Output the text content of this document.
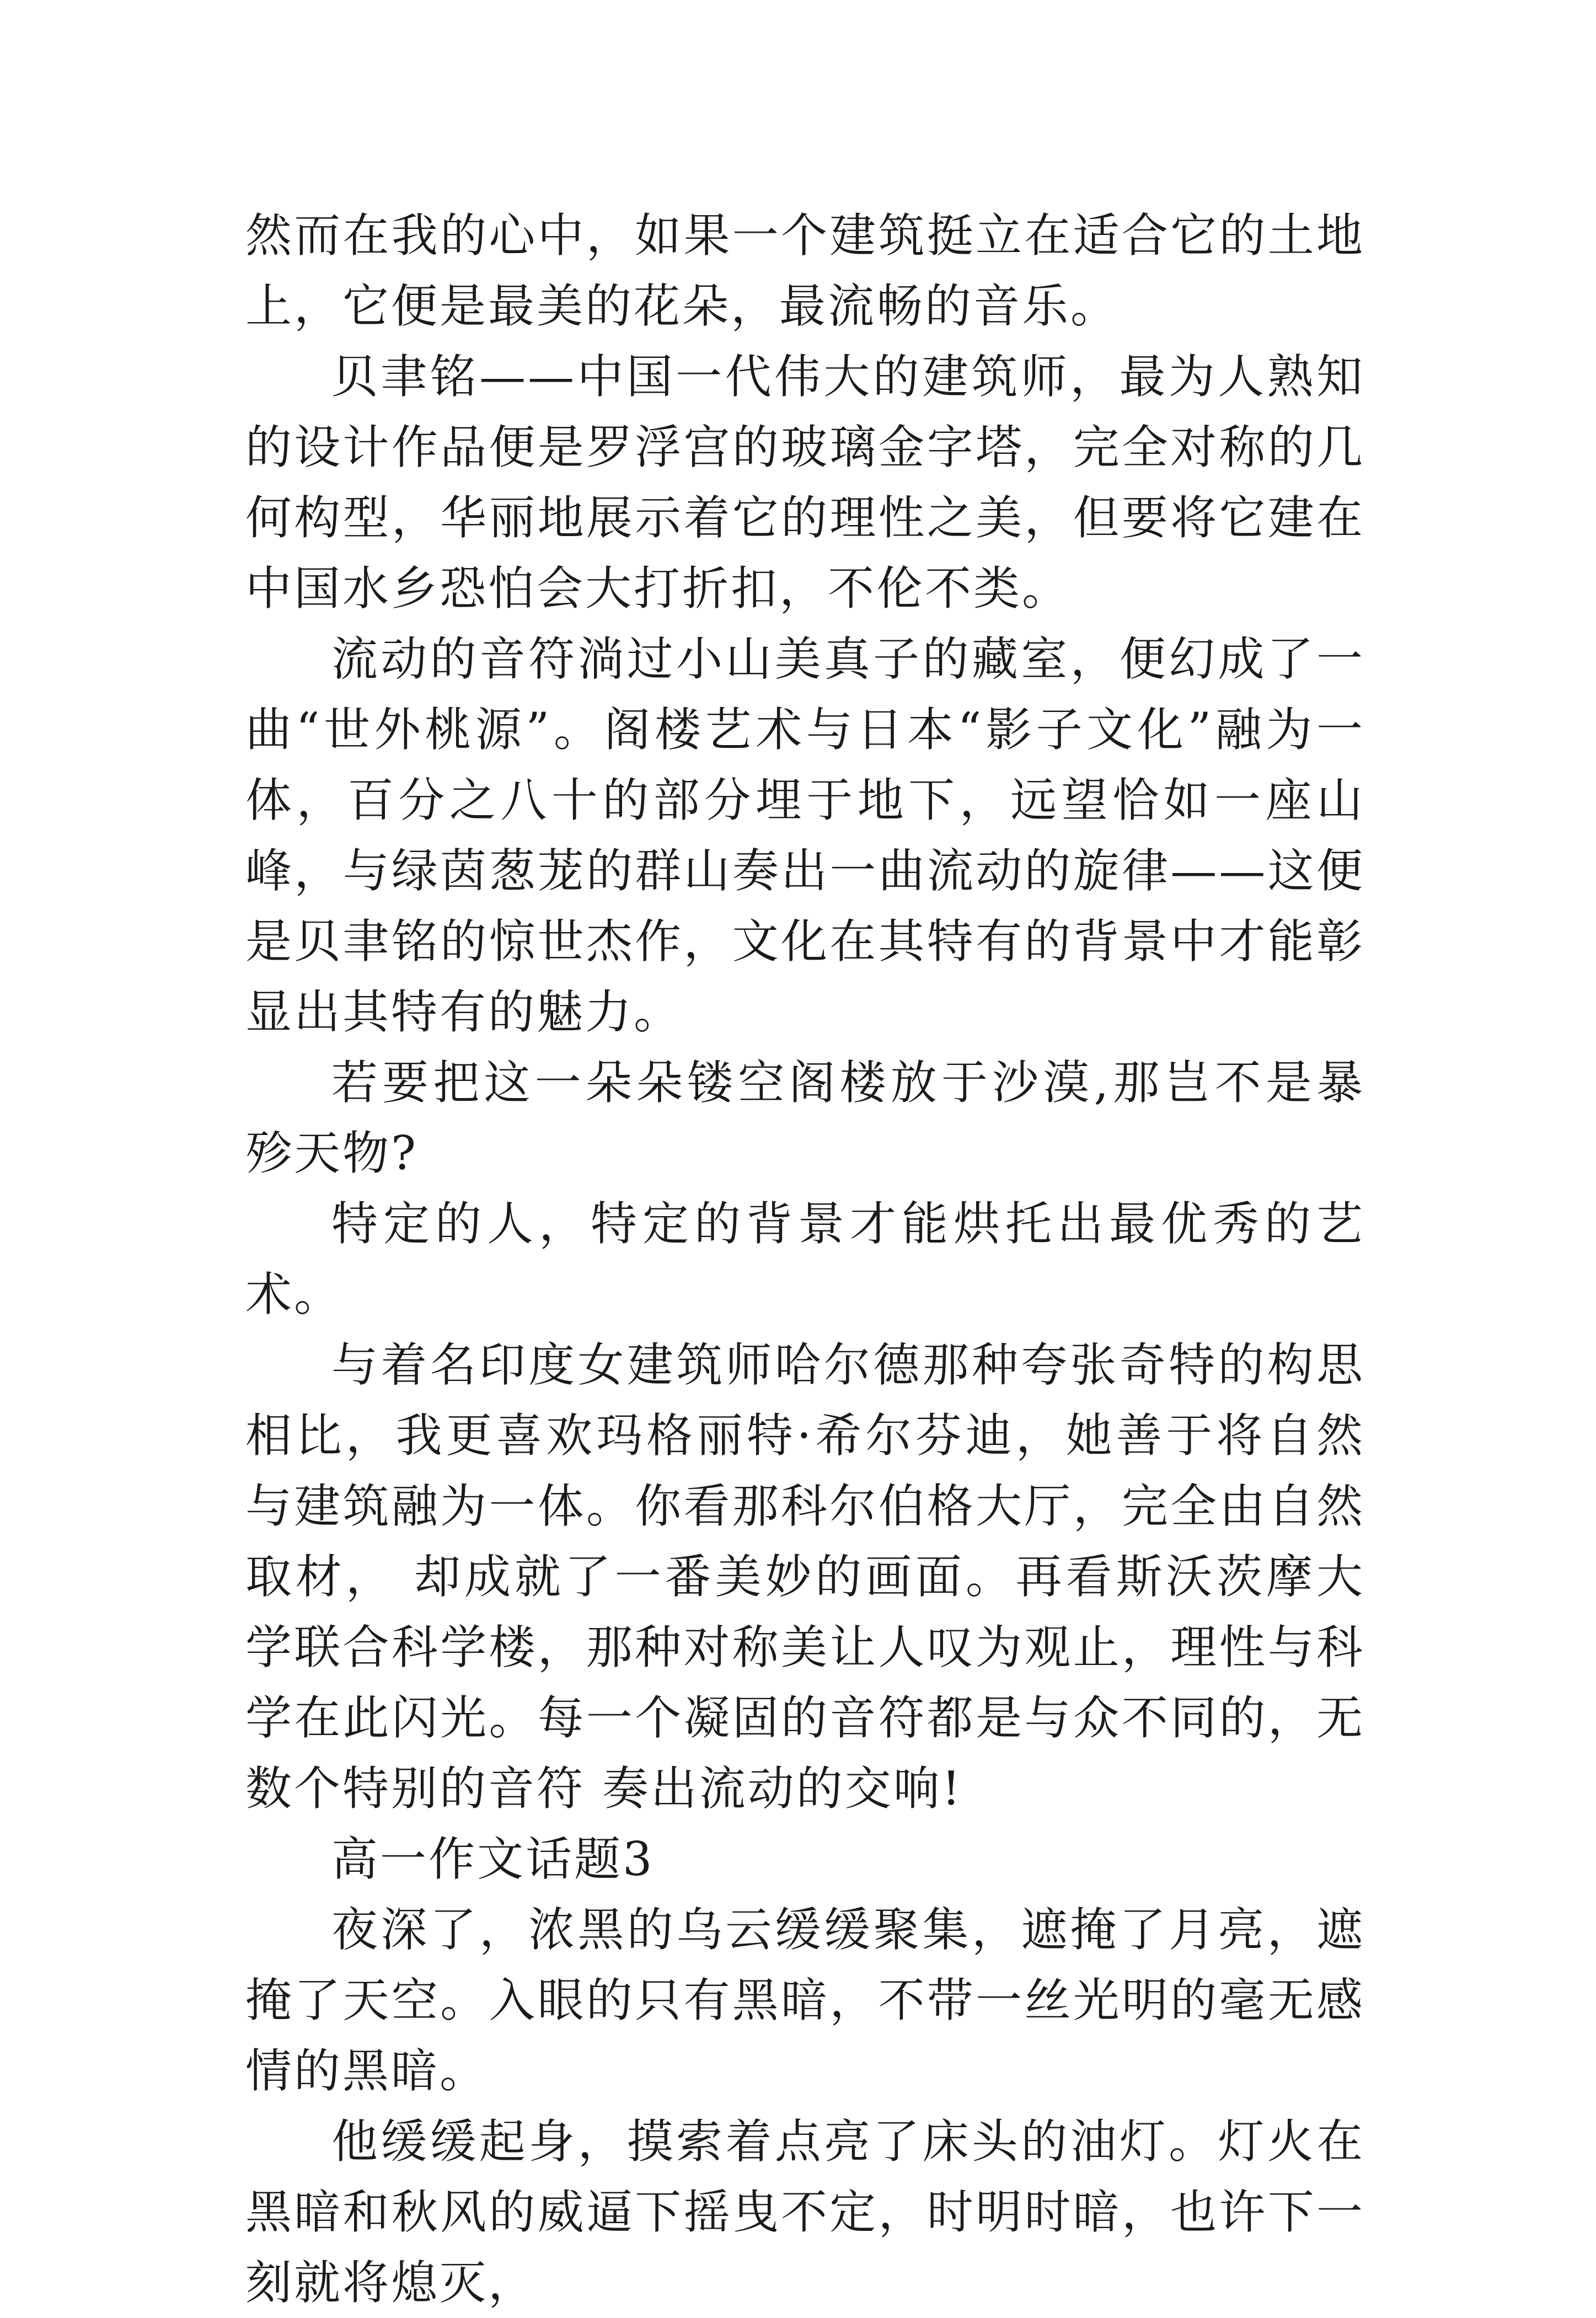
然而在我的心中，如果一个建筑挺立在适合它的土地上，它便是最美的花朵，最流畅的音乐。

贝聿铭——中国一代伟大的建筑师，最为人熟知的设计作品便是罗浮宫的玻璃金字塔，完全对称的几何构型，华丽地展示着它的理性之美，但要将它建在中国水乡恐怕会大打折扣，不伦不类。

流动的音符淌过小山美真子的藏室，便幻成了一曲“世外桃源”。阁楼艺术与日本“影子文化”融为一体，百分之八十的部分埋于地下，远望恰如一座山峰，与绿茵葱茏的群山奏出一曲流动的旋律——这便是贝聿铭的惊世杰作，文化在其特有的背景中才能彰显出其特有的魅力。

若要把这一朵朵镂空阁楼放于沙漠,那岂不是暴殄天物?

特定的人，特定的背景才能烘托出最优秀的艺术。

与着名印度女建筑师哈尔德那种夸张奇特的构思相比，我更喜欢玛格丽特·希尔芬迪，她善于将自然与建筑融为一体。你看那科尔伯格大厅，完全由自然取材， 却成就了一番美妙的画面。再看斯沃茨摩大学联合科学楼，那种对称美让人叹为观止，理性与科学在此闪光。每一个凝固的音符都是与众不同的，无数个特别的音符 奏出流动的交响!

高一作文话题3

夜深了，浓黑的乌云缓缓聚集，遮掩了月亮，遮掩了天空。入眼的只有黑暗，不带一丝光明的毫无感情的黑暗。

他缓缓起身，摸索着点亮了床头的油灯。灯火在黑暗和秋风的威逼下摇曳不定，时明时暗，也许下一刻就将熄灭，
